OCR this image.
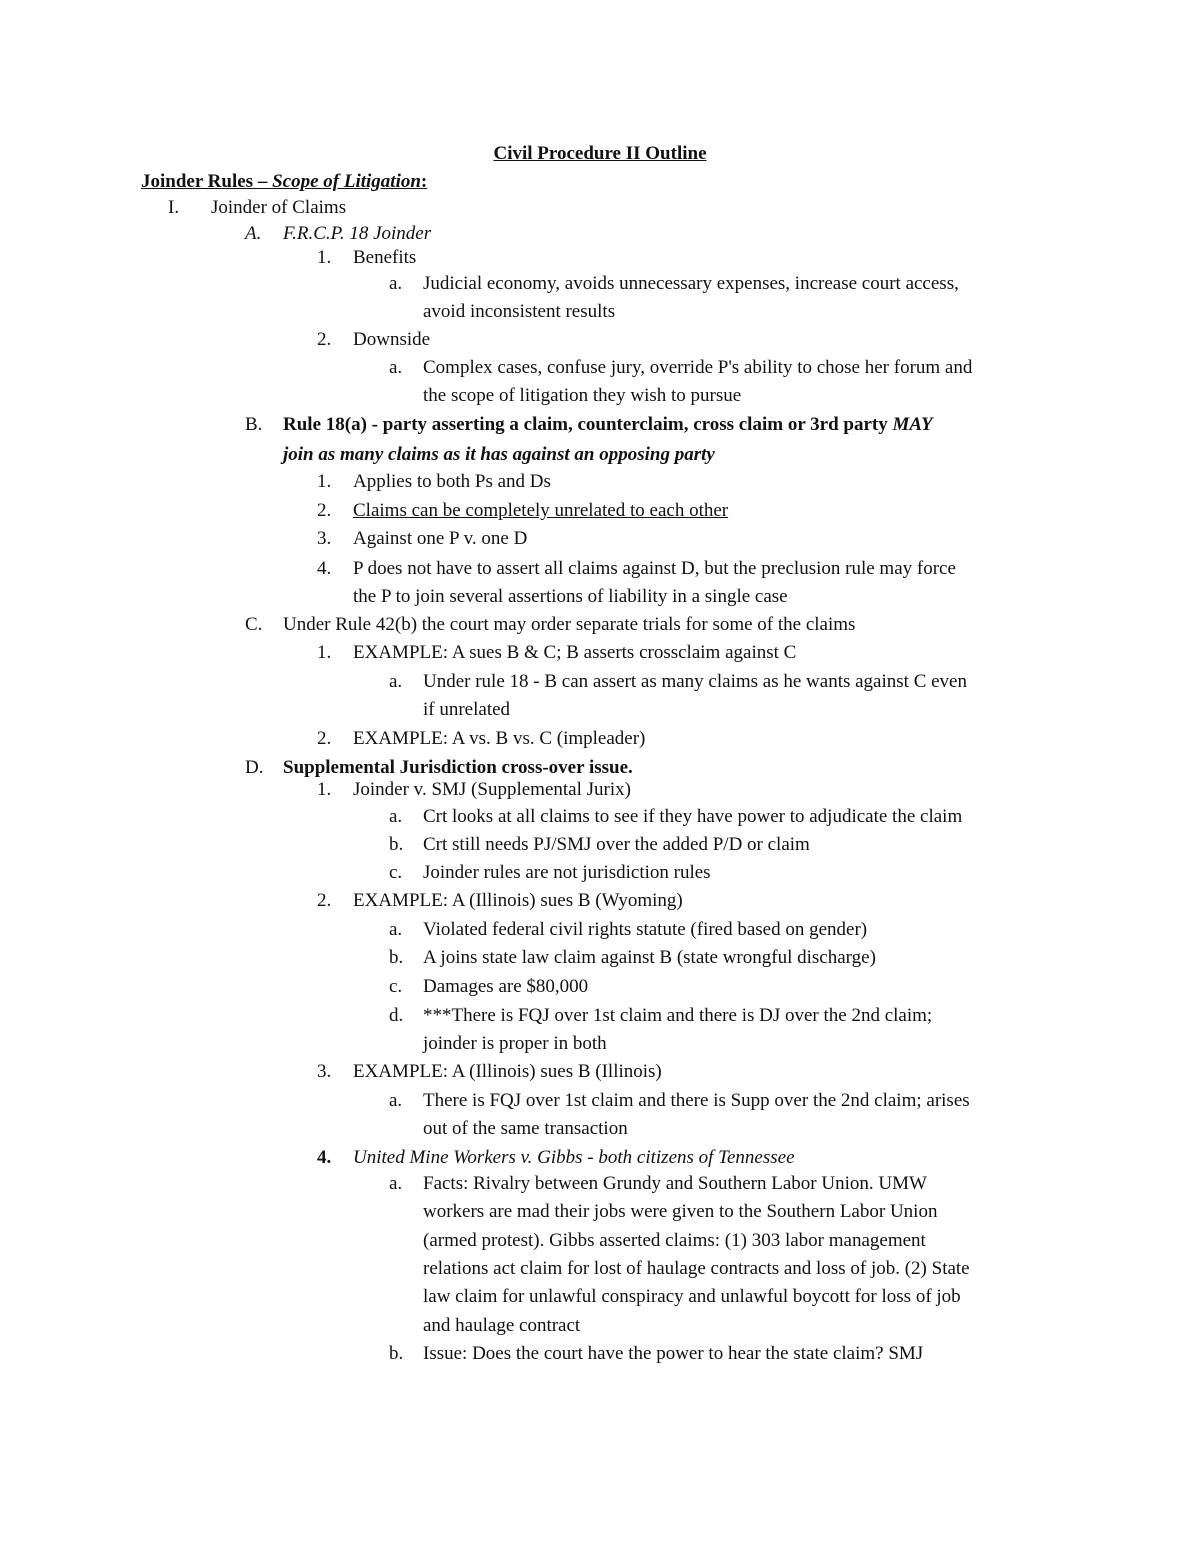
Civil Procedure II Outline
Joinder Rules – Scope of Litigation:
I. Joinder of Claims
A. F.R.C.P. 18 Joinder
1. Benefits
a. Judicial economy, avoids unnecessary expenses, increase court access,
avoid inconsistent results
2. Downside
a. Complex cases, confuse jury, override P's ability to chose her forum and
the scope of litigation they wish to pursue
B. Rule 18(a) - party asserting a claim, counterclaim, cross claim or 3rd party MAY
join as many claims as it has against an opposing party
1. Applies to both Ps and Ds
2. Claims can be completely unrelated to each other
3. Against one P v. one D
4. P does not have to assert all claims against D, but the preclusion rule may force
the P to join several assertions of liability in a single case
C. Under Rule 42(b) the court may order separate trials for some of the claims
1. EXAMPLE: A sues B & C; B asserts crossclaim against C
a. Under rule 18 - B can assert as many claims as he wants against C even
if unrelated
2. EXAMPLE: A vs. B vs. C (impleader)
D. Supplemental Jurisdiction cross-over issue.
1. Joinder v. SMJ (Supplemental Jurix)
a. Crt looks at all claims to see if they have power to adjudicate the claim
b. Crt still needs PJ/SMJ over the added P/D or claim
c. Joinder rules are not jurisdiction rules
2. EXAMPLE: A (Illinois) sues B (Wyoming)
a. Violated federal civil rights statute (fired based on gender)
b. A joins state law claim against B (state wrongful discharge)
c. Damages are $80,000
d. ***There is FQJ over 1st claim and there is DJ over the 2nd claim;
joinder is proper in both
3. EXAMPLE: A (Illinois) sues B (Illinois)
a. There is FQJ over 1st claim and there is Supp over the 2nd claim; arises
out of the same transaction
4. United Mine Workers v. Gibbs - both citizens of Tennessee
a. Facts: Rivalry between Grundy and Southern Labor Union. UMW
workers are mad their jobs were given to the Southern Labor Union
(armed protest). Gibbs asserted claims: (1) 303 labor management
relations act claim for lost of haulage contracts and loss of job. (2) State
law claim for unlawful conspiracy and unlawful boycott for loss of job
and haulage contract
b. Issue: Does the court have the power to hear the state claim? SMJ
